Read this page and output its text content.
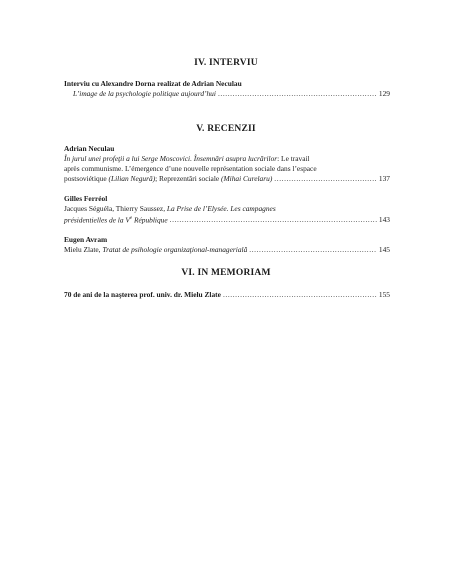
IV. INTERVIU
Interviu cu Alexandre Dorna realizat de Adrian Neculau
L’image de la psychologie politique aujourd’hui .....	129
V. RECENZII
Adrian Neculau
În jurul unei profeţii a lui Serge Moscovici. Însemnări asupra lucrărilor: Le travail
après communisme. L’émergence d’une nouvelle représentation sociale dans l’espace
postsoviétique (Lilian Negură); Reprezentări sociale (Mihai Curelaru) .....	137
Gilles Ferréol
Jacques Séguéla, Thierry Saussez, La Prise de l’Elysée. Les campagnes
présidentielles de la Ve République .....	143
Eugen Avram
Mielu Zlate, Tratat de psihologie organizaţional-managerială .....	145
VI. IN MEMORIAM
70 de ani de la naşterea prof. univ. dr. Mielu Zlate .....	155
